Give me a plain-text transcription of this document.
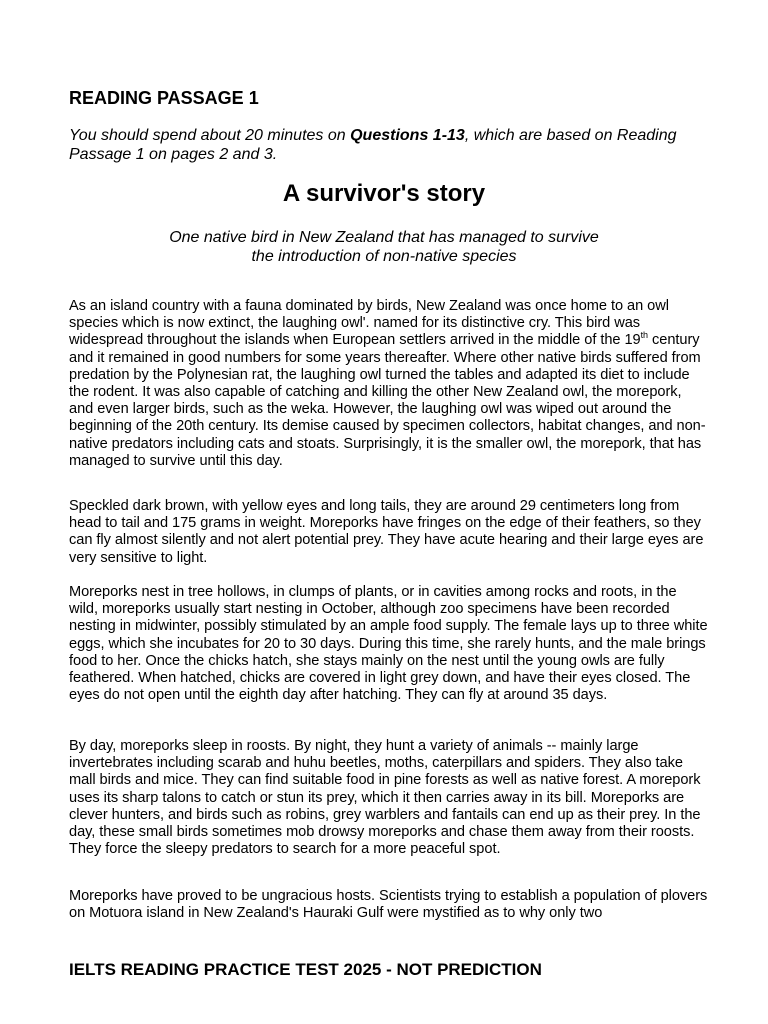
READING PASSAGE 1

You should spend about 20 minutes on Questions 1-13, which are based on Reading Passage 1 on pages 2 and 3.

A survivor's story

One native bird in New Zealand that has managed to survive
the introduction of non-native species

As an island country with a fauna dominated by birds, New Zealand was once home to an owl species which is now extinct, the laughing owl'. named for its distinctive cry. This bird was widespread throughout the islands when European settlers arrived in the middle of the 19th century and it remained in good numbers for some years thereafter. Where other native birds suffered from predation by the Polynesian rat, the laughing owl turned the tables and adapted its diet to include the rodent. It was also capable of catching and killing the other New Zealand owl, the morepork, and even larger birds, such as the weka. However, the laughing owl was wiped out around the beginning of the 20th century. Its demise caused by specimen collectors, habitat changes, and non-native predators including cats and stoats. Surprisingly, it is the smaller owl, the morepork, that has managed to survive until this day.

Speckled dark brown, with yellow eyes and long tails, they are around 29 centimeters long from head to tail and 175 grams in weight. Moreporks have fringes on the edge of their feathers, so they can fly almost silently and not alert potential prey. They have acute hearing and their large eyes are very sensitive to light.

Moreporks nest in tree hollows, in clumps of plants, or in cavities among rocks and roots, in the wild, moreporks usually start nesting in October, although zoo specimens have been recorded nesting in midwinter, possibly stimulated by an ample food supply. The female lays up to three white eggs, which she incubates for 20 to 30 days. During this time, she rarely hunts, and the male brings food to her. Once the chicks hatch, she stays mainly on the nest until the young owls are fully feathered. When hatched, chicks are covered in light grey down, and have their eyes closed. The eyes do not open until the eighth day after hatching. They can fly at around 35 days.

By day, moreporks sleep in roosts. By night, they hunt a variety of animals -- mainly large invertebrates including scarab and huhu beetles, moths, caterpillars and spiders. They also take mall birds and mice. They can find suitable food in pine forests as well as native forest. A morepork uses its sharp talons to catch or stun its prey, which it then carries away in its bill. Moreporks are clever hunters, and birds such as robins, grey warblers and fantails can end up as their prey. In the day, these small birds sometimes mob drowsy moreporks and chase them away from their roosts. They force the sleepy predators to search for a more peaceful spot.

Moreporks have proved to be ungracious hosts. Scientists trying to establish a population of plovers on Motuora island in New Zealand's Hauraki Gulf were mystified as to why only two

IELTS READING PRACTICE TEST 2025 - NOT PREDICTION
